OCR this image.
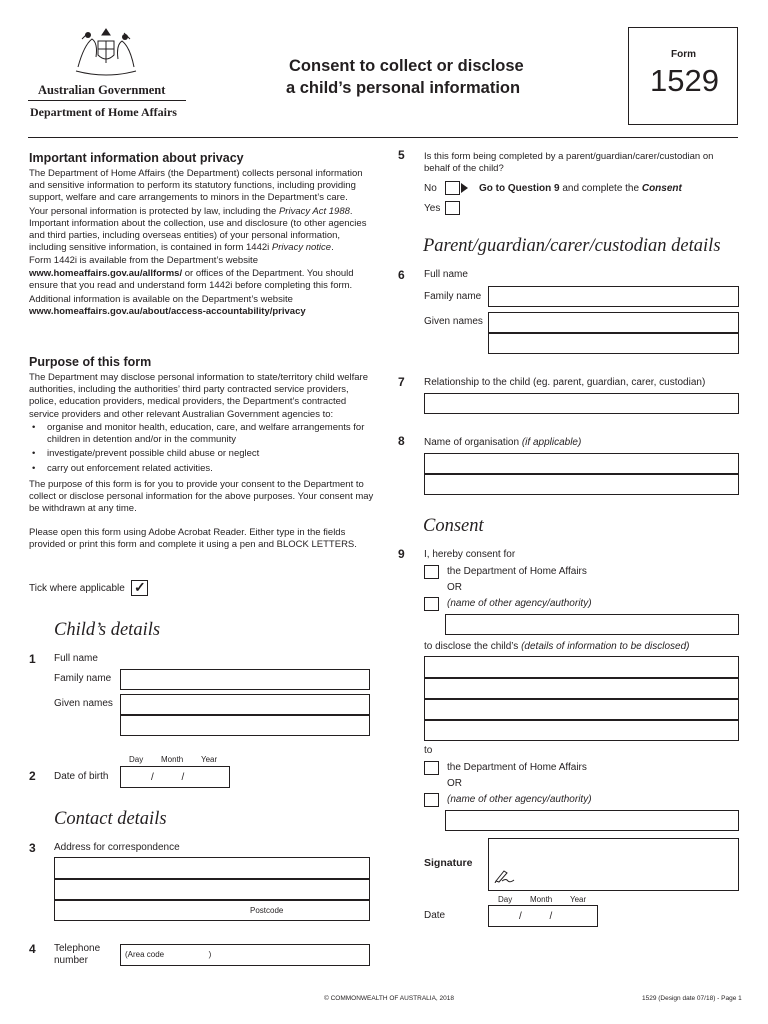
Australian Government
Department of Home Affairs
Consent to collect or disclose
a child’s personal information
Form
1529
Important information about privacy

The Department of Home Affairs (the Department) collects personal information and sensitive information to perform its statutory functions, including providing support, welfare and care arrangements to minors in the Department’s care.

Your personal information is protected by law, including the Privacy Act 1988. Important information about the collection, use and disclosure (to other agencies and third parties, including overseas entities) of your personal information, including sensitive information, is contained in form 1442i Privacy notice.

Form 1442i is available from the Department’s website www.homeaffairs.gov.au/allforms/ or offices of the Department. You should ensure that you read and understand form 1442i before completing this form.

Additional information is available on the Department’s website

www.homeaffairs.gov.au/about/access-accountability/privacy

Purpose of this form

The Department may disclose personal information to state/territory child welfare authorities, including the authorities’ third party contracted service providers, police, education providers, medical providers, the Department’s contracted service providers and other relevant Australian Government agencies to:

• organise and monitor health, education, care, and welfare arrangements for children in detention and/or in the community
• investigate/prevent possible child abuse or neglect
• carry out enforcement related activities.

The purpose of this form is for you to provide your consent to the Department to collect or disclose personal information for the above purposes. Your consent may be withdrawn at any time.

Please open this form using Adobe Acrobat Reader. Either type in the fields provided or print this form and complete it using a pen and BLOCK LETTERS.

Tick where applicable ✓
Child’s details
1 Full name
Family name
Given names
Day Month Year
2 Date of birth	/          /
Contact details
3 Address for correspondence
Postcode
4 Telephone
number
(Area code                    )
5 Is this form being completed by a parent/guardian/carer/custodian on behalf of the child?
No	Go to Question 9 and complete the Consent
Yes
Parent/guardian/carer/custodian details
6 Full name
Family name
Given names
7 Relationship to the child (eg. parent, guardian, carer, custodian)
8 Name of organisation (if applicable)
Consent
9 I, hereby consent for
the Department of Home Affairs
OR
(name of other agency/authority)
to disclose the child’s (details of information to be disclosed)
to
the Department of Home Affairs
OR
(name of other agency/authority)
Signature
Day Month Year
Date	/          /
© COMMONWEALTH OF AUSTRALIA, 2018	1529 (Design date 07/18) - Page 1
